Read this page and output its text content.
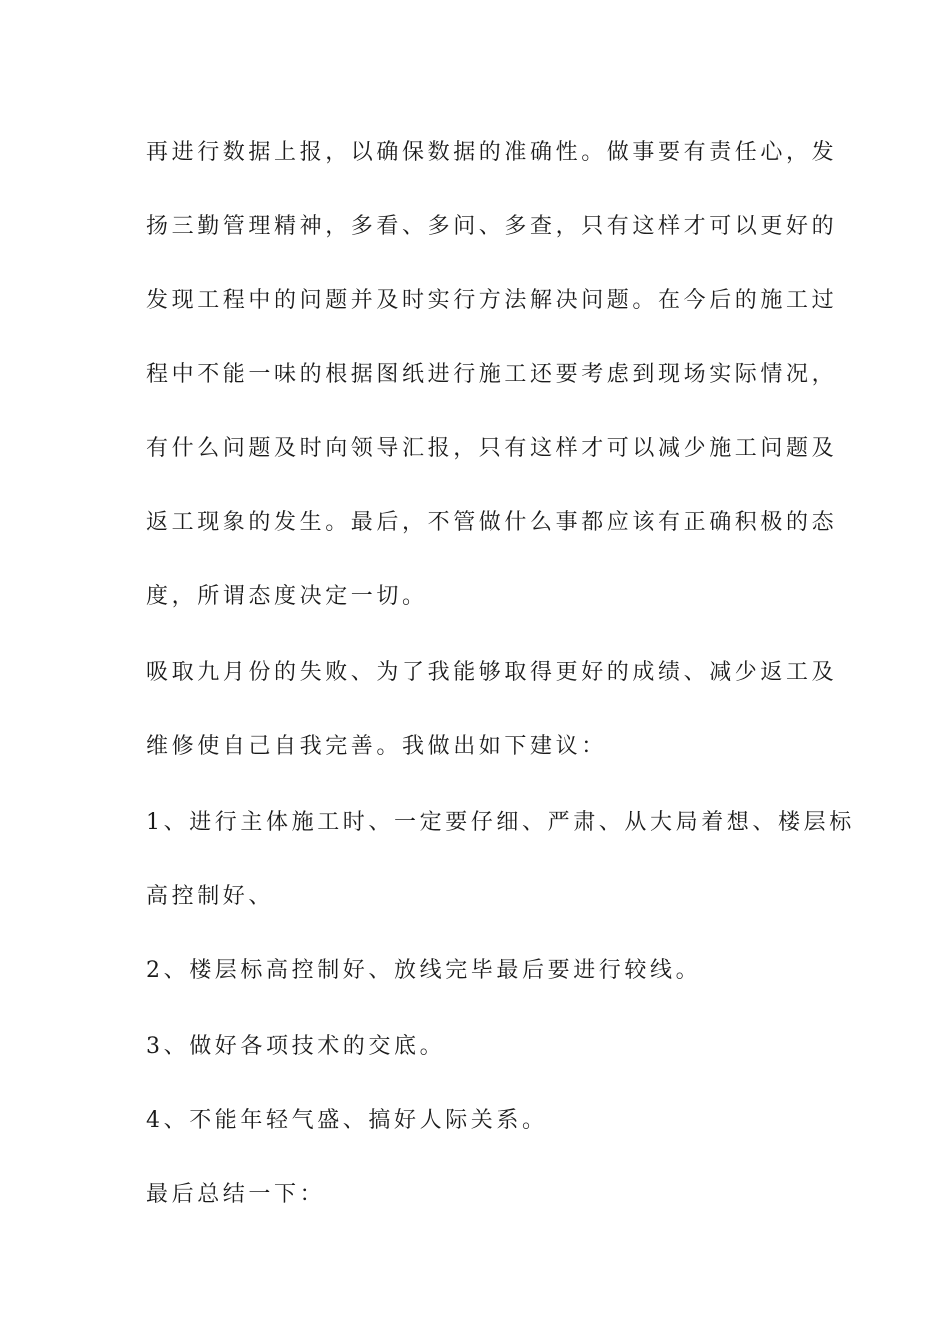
再进行数据上报，以确保数据的准确性。做事要有责任心，发
扬三勤管理精神，多看、多问、多查，只有这样才可以更好的
发现工程中的问题并及时实行方法解决问题。在今后的施工过
程中不能一味的根据图纸进行施工还要考虑到现场实际情况，
有什么问题及时向领导汇报，只有这样才可以减少施工问题及
返工现象的发生。最后，不管做什么事都应该有正确积极的态
度，所谓态度决定一切。
吸取九月份的失败、为了我能够取得更好的成绩、减少返工及
维修使自己自我完善。我做出如下建议：
1、进行主体施工时、一定要仔细、严肃、从大局着想、楼层标
高控制好、
2、楼层标高控制好、放线完毕最后要进行较线。
3、做好各项技术的交底。
4、不能年轻气盛、搞好人际关系。
最后总结一下：
